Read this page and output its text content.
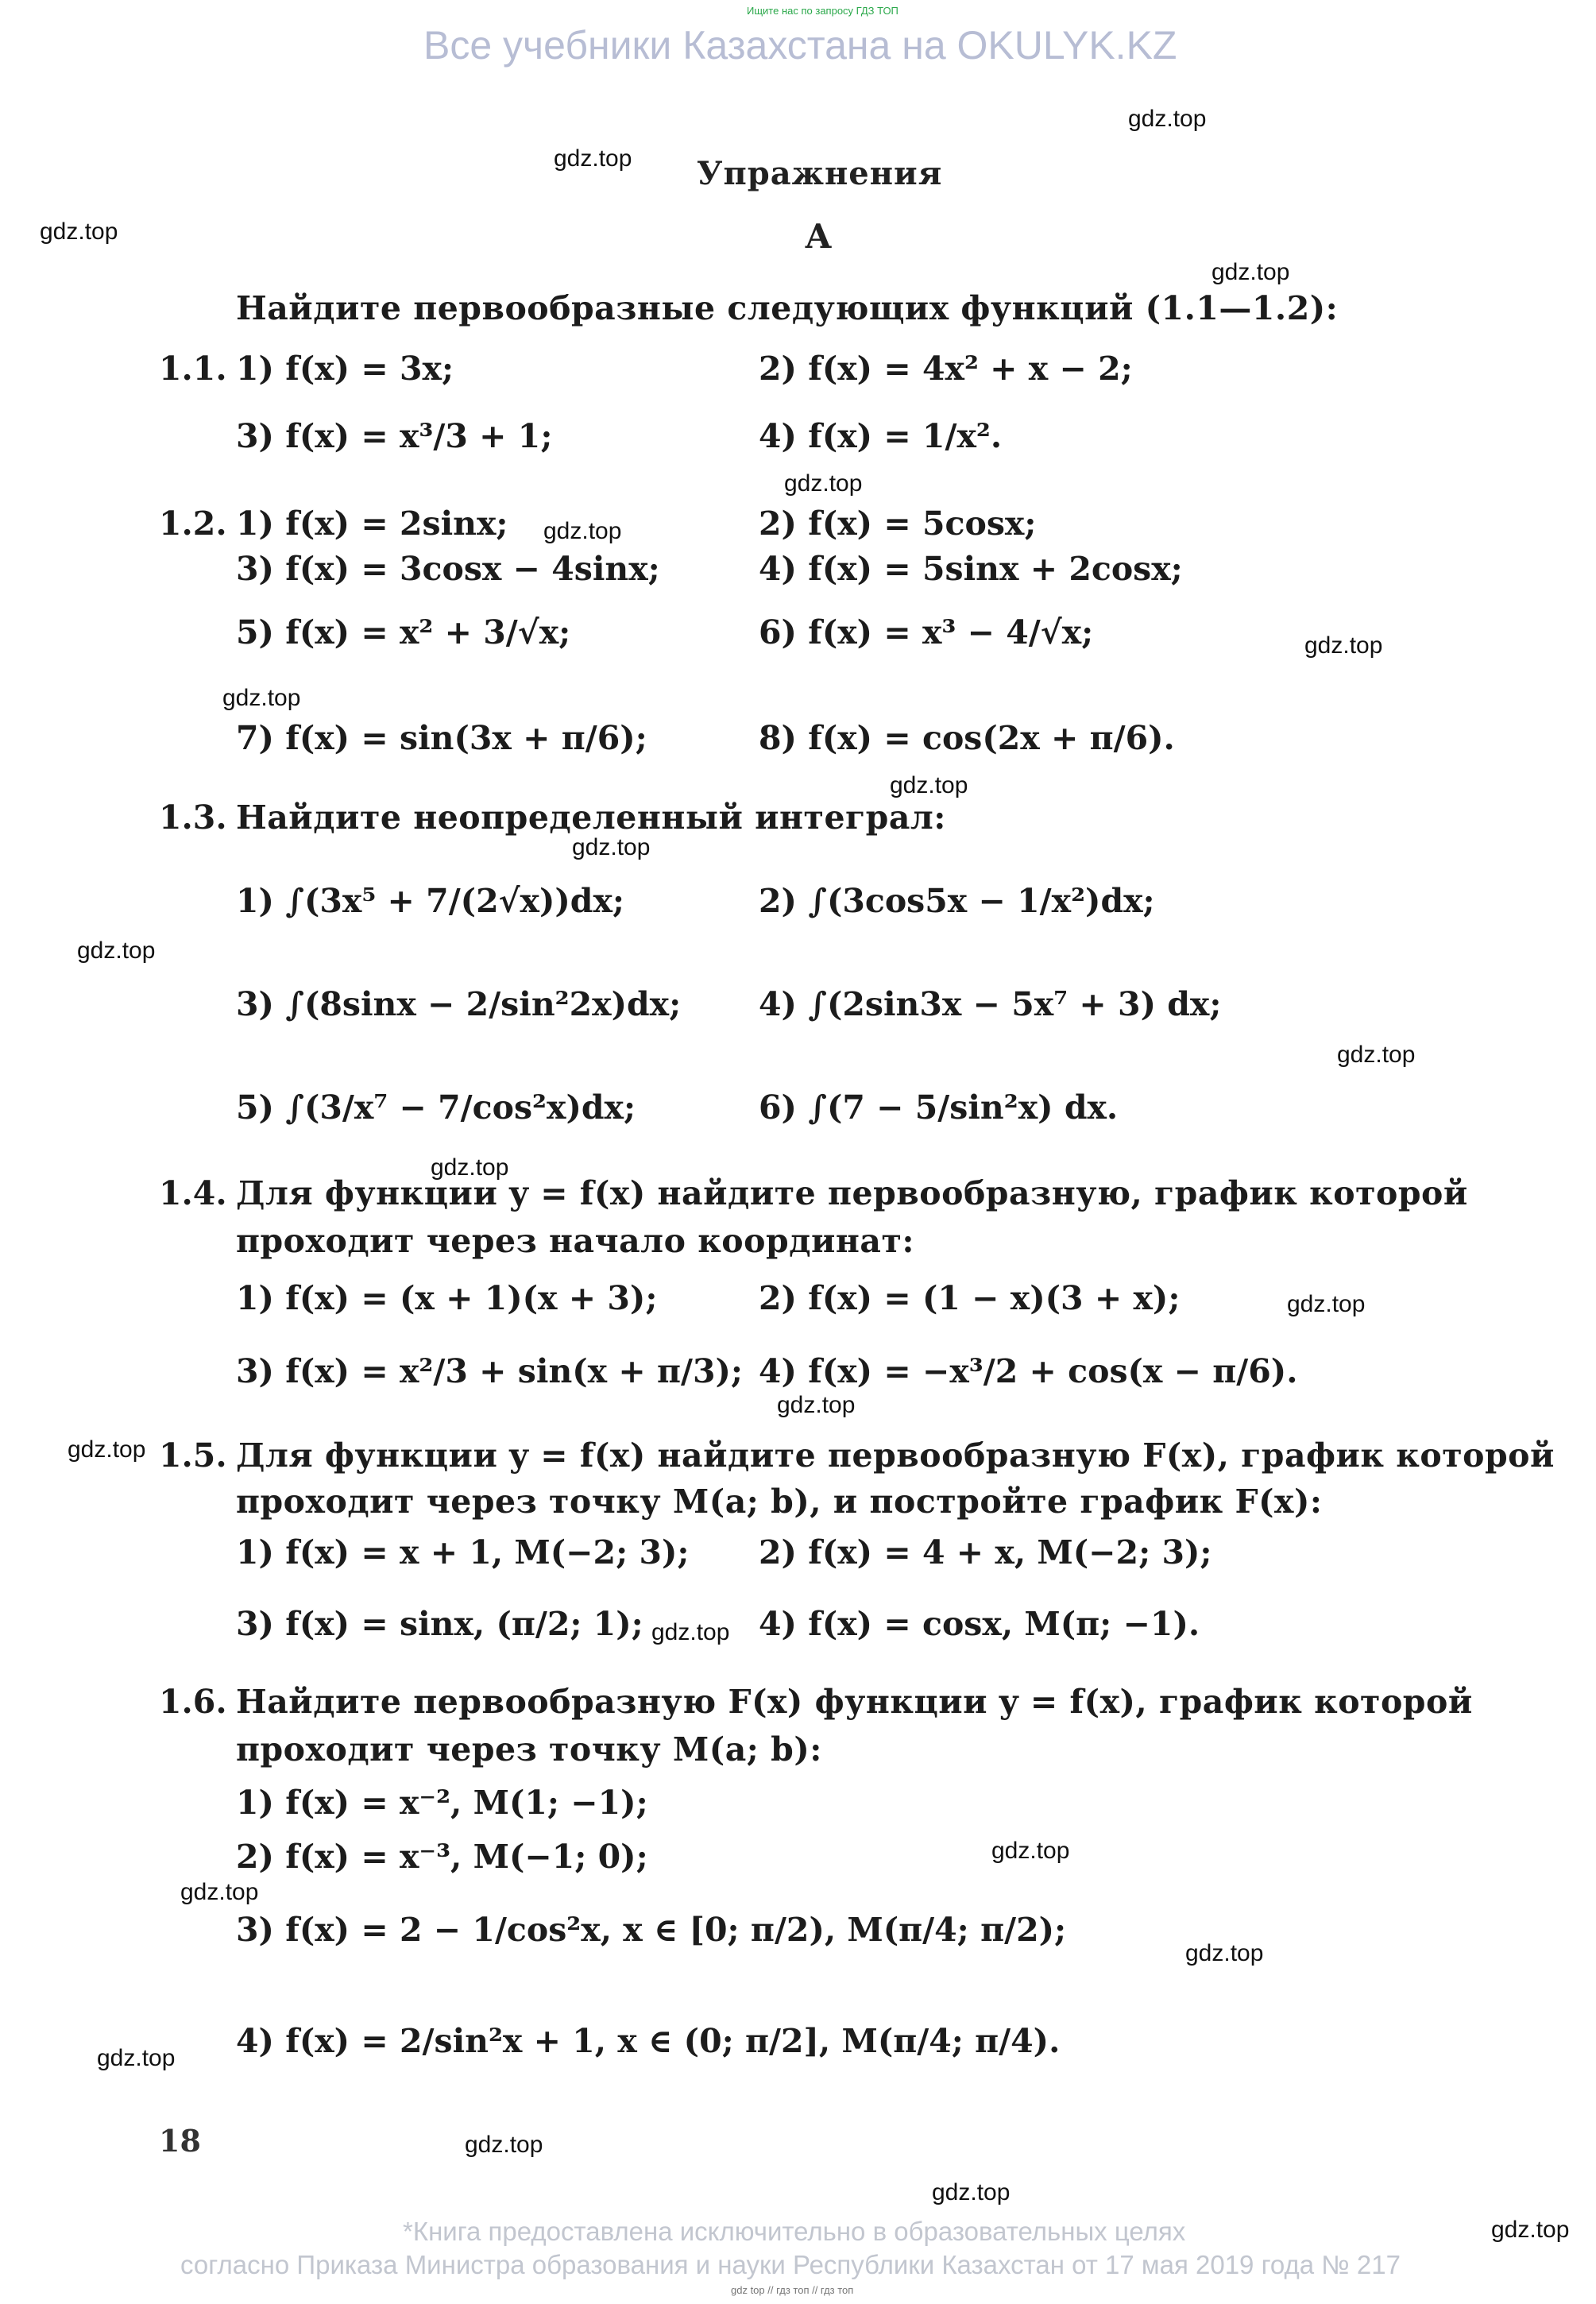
Ищите нас по запросу ГДЗ ТОП
Все учебники Казахстана на OKULYK.KZ
gdz.top
gdz.top
gdz.top
gdz.top
gdz.top
gdz.top
gdz.top
gdz.top
gdz.top
gdz.top
gdz.top
gdz.top
gdz.top
gdz.top
gdz.top
gdz.top
gdz.top
gdz.top
gdz.top
gdz.top
gdz.top
gdz.top
gdz.top
gdz.top
Упражнения
А
Найдите первообразные следующих функций (1.1—1.2):
1.1. 1) f(x) = 3x;	2) f(x) = 4x² + x − 2;
3) f(x) = x³/3 + 1;	4) f(x) = 1/x².
1.2. 1) f(x) = 2sinx;	2) f(x) = 5cosx;
3) f(x) = 3cosx − 4sinx;	4) f(x) = 5sinx + 2cosx;
5) f(x) = x² + 3/√x;	6) f(x) = x³ − 4/√x;
7) f(x) = sin(3x + π/6);	8) f(x) = cos(2x + π/6).
1.3. Найдите неопределенный интеграл:
1) ∫(3x⁵ + 7/(2√x))dx;	2) ∫(3cos5x − 1/x²)dx;
3) ∫(8sinx − 2/sin²2x)dx; 4) ∫(2sin3x − 5x⁷ + 3) dx;
5) ∫(3/x⁷ − 7/cos²x)dx;	6) ∫(7 − 5/sin²x) dx.
1.4. Для функции y = f(x) найдите первообразную, график которой
проходит через начало координат:
1) f(x) = (x + 1)(x + 3);	2) f(x) = (1 − x)(3 + x);
3) f(x) = x²/3 + sin(x + π/3); 4) f(x) = −x³/2 + cos(x − π/6).
1.5. Для функции y = f(x) найдите первообразную F(x), график которой
проходит через точку M(a; b), и постройте график F(x):
1) f(x) = x + 1, M(−2; 3); 2) f(x) = 4 + x, M(−2; 3);
3) f(x) = sinx, (π/2; 1);	4) f(x) = cosx, M(π; −1).
1.6. Найдите первообразную F(x) функции y = f(x), график которой
проходит через точку M(a; b):
1) f(x) = x⁻², M(1; −1);
2) f(x) = x⁻³, M(−1; 0);
3) f(x) = 2 − 1/cos²x, x ∈ [0; π/2), M(π/4; π/2);
4) f(x) = 2/sin²x + 1, x ∈ (0; π/2], M(π/4; π/4).
18
*Книга предоставлена исключительно в образовательных целях
согласно Приказа Министра образования и науки Республики Казахстан от 17 мая 2019 года № 217
gdz top // гдз топ // гдз топ
